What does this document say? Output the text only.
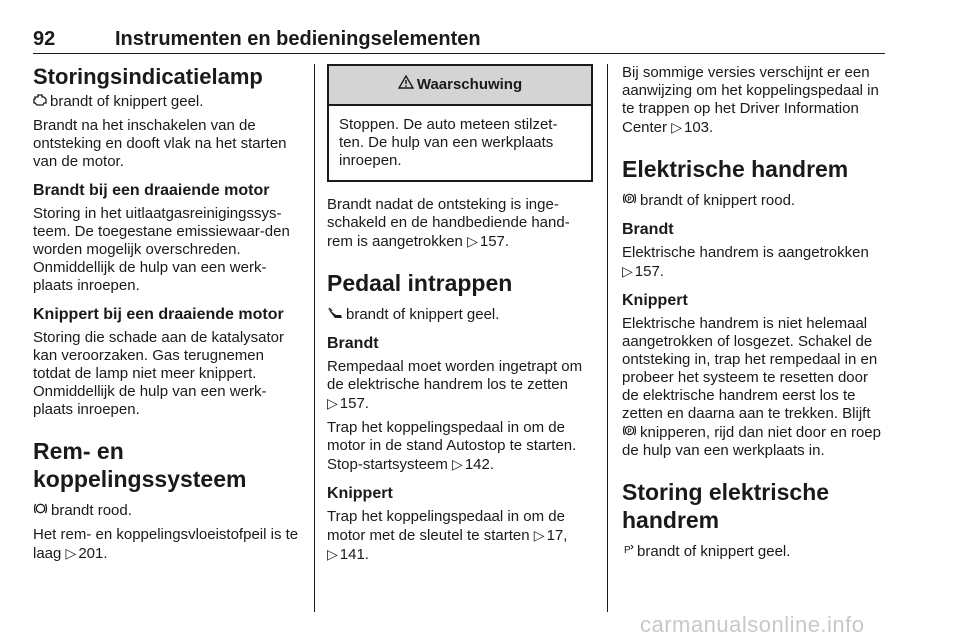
92	Instrumenten en bedieningselementen
Storingsindicatielamp

brandt of knippert geel.

Brandt na het inschakelen van de ontsteking en dooft vlak na het starten van de motor.

Brandt bij een draaiende motor

Storing in het uitlaatgasreinigingssys-teem. De toegestane emissiewaar-den worden mogelijk overschreden. Onmiddellijk de hulp van een werk-plaats inroepen.

Knippert bij een draaiende motor

Storing die schade aan de katalysator kan veroorzaken. Gas terugnemen totdat de lamp niet meer knippert. Onmiddellijk de hulp van een werk-plaats inroepen.

Rem- en koppelingssysteem

brandt rood.

Het rem- en koppelingsvloeistofpeil is te laag ▷ 201.

Waarschuwing
Stoppen. De auto meteen stilzet-ten. De hulp van een werkplaats inroepen.

Brandt nadat de ontsteking is inge-schakeld en de handbediende hand-rem is aangetrokken ▷ 157.

Pedaal intrappen

brandt of knippert geel.

Brandt

Rempedaal moet worden ingetrapt om de elektrische handrem los te zetten ▷ 157.

Trap het koppelingspedaal in om de motor in de stand Autostop te starten. Stop-startsysteem ▷ 142.

Knippert

Trap het koppelingspedaal in om de motor met de sleutel te starten ▷ 17, ▷ 141.

Bij sommige versies verschijnt er een aanwijzing om het koppelingspedaal in te trappen op het Driver Information Center ▷ 103.

Elektrische handrem

P brandt of knippert rood.

Brandt

Elektrische handrem is aangetrokken ▷ 157.

Knippert

Elektrische handrem is niet helemaal aangetrokken of losgezet. Schakel de ontsteking in, trap het rempedaal in en probeer het systeem te resetten door de elektrische handrem eerst los te zetten en daarna aan te trekken. Blijft
P knipperen, rijd dan niet door en roep de hulp van een werkplaats in.

Storing elektrische handrem

P brandt of knippert geel.

carmanualsonline.info
